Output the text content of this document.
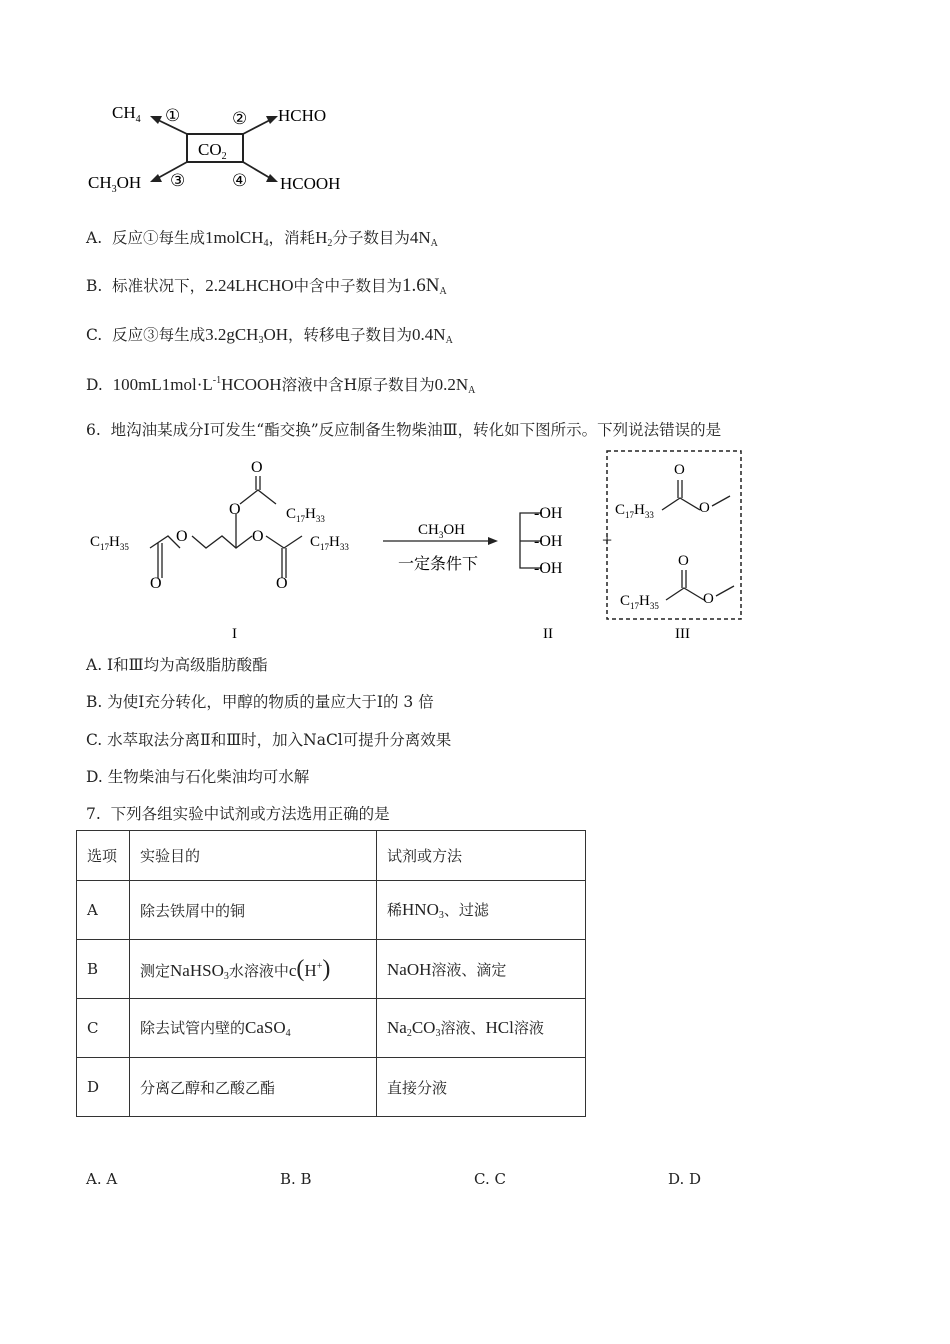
$CO_2$
$CH_4$	HCHO
$CH_3OH$	HCOOH
①	②
③	④
A.  反应①每生成1molCH$_4$，消耗$H_2$分子数目为$4N_A$
B.  标准状况下，2.24LHCHO中含中子数目为$1.6N_A$
C.  反应③每生成3.2gCH$_3$OH，转移电子数目为$0.4N_A$
D. $100mL1mol\cdot L^{-1}HCOOH$溶液中含H原子数目为$0.2N_A$
6. 地沟油某成分Ⅰ可发生“酯交换”反应制备生物柴油Ⅲ，转化如下图所示。下列说法错误的是
O
O
O
O
O
O
$C_{17}H_{35}$
$C_{17}H_{33}$
$C_{17}H_{33}$
$CH_3OH$
一定条件下
-OH
-OH
-OH
+
O
O
$C_{17}H_{33}$
O
O
$C_{17}H_{35}$
I	II	III
A. Ⅰ和Ⅲ均为高级脂肪酸酯
B. 为使Ⅰ充分转化，甲醇的物质的量应大于Ⅰ的 3 倍
C. 水萃取法分离Ⅱ和Ⅲ时，加入NaCl可提升分离效果
D. 生物柴油与石化柴油均可水解
7. 下列各组实验中试剂或方法选用正确的是
选项	实验目的	试剂或方法
A	除去铁屑中的铜	稀$HNO_3$、过滤
B	测定NaHSO$_3$水溶液中c(H+)	NaOH溶液、滴定
C	除去试管内壁的CaSO$_4$	$Na_2CO_3$溶液、HCl溶液
D	分离乙醇和乙酸乙酯	直接分液
A. A	B. B	C. C	D. D
